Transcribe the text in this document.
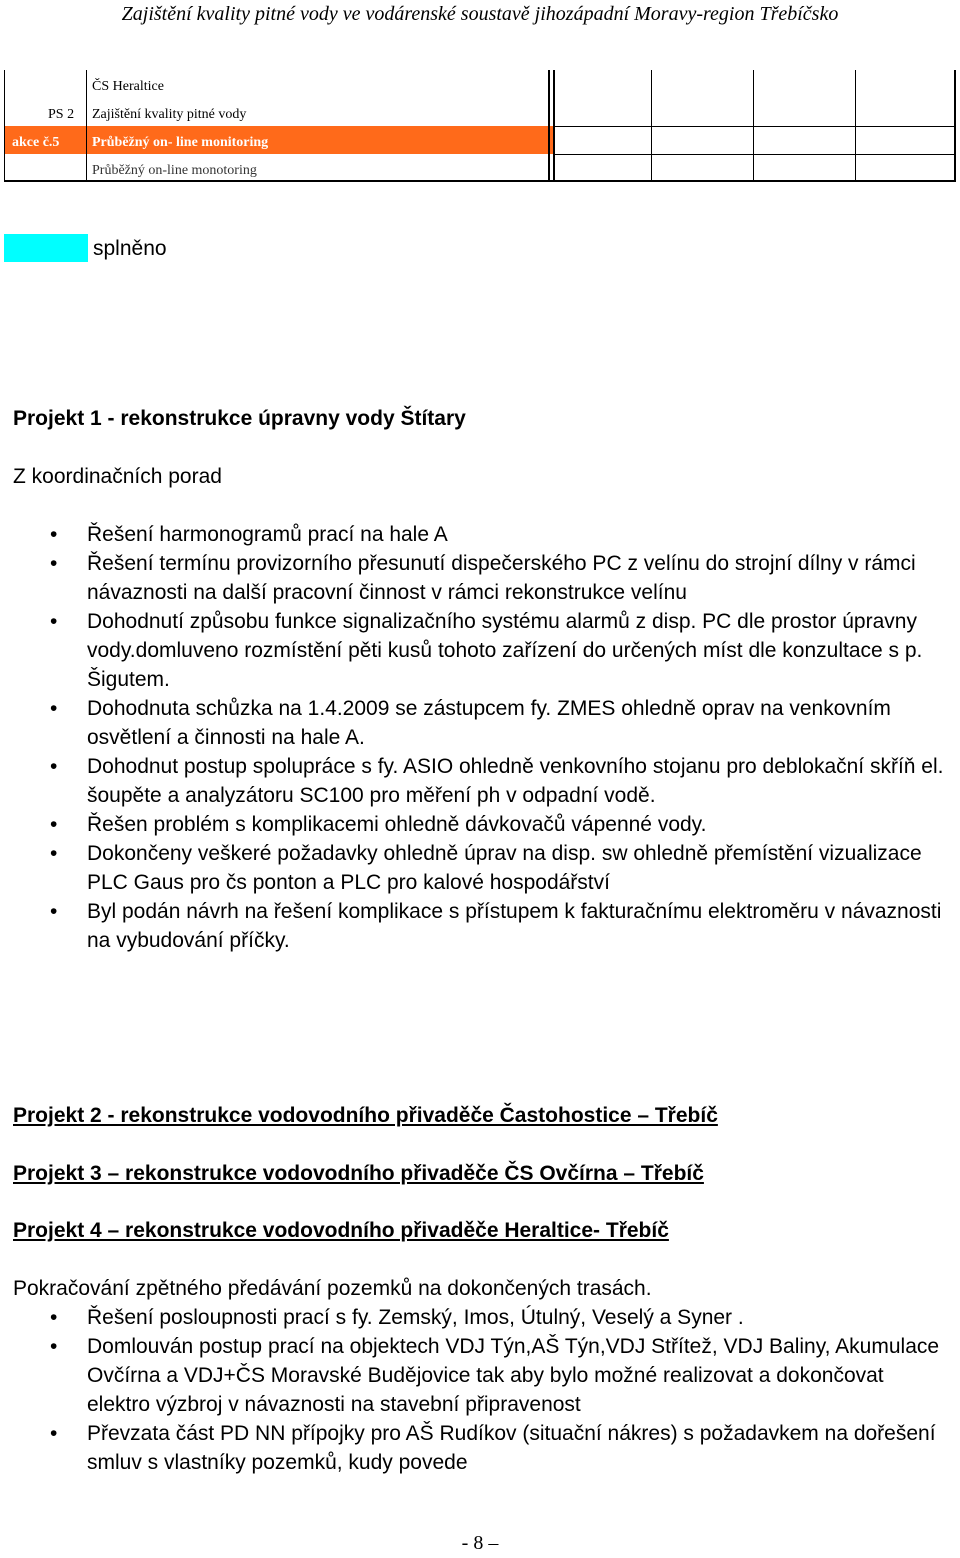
Zajištění kvality pitné vody ve vodárenské soustavě jihozápadní Moravy-region Třebíčsko
ČS Heraltice
PS 2 Zajištění kvality pitné vody
akce č.5 Průběžný on- line monitoring
Průběžný on-line monotoring
splněno
Projekt 1 - rekonstrukce úpravny vody Štítary
Z koordinačních porad
• Řešení harmonogramů prací na hale A
• Řešení termínu provizorního přesunutí dispečerského PC z velínu do strojní dílny v rámci návaznosti na další pracovní činnost v rámci rekonstrukce velínu
• Dohodnutí způsobu funkce signalizačního systému alarmů z disp. PC dle prostor úpravny vody.domluveno rozmístění pěti kusů tohoto zařízení do určených míst dle konzultace s p. Šigutem.
• Dohodnuta schůzka na 1.4.2009 se zástupcem fy. ZMES ohledně oprav na venkovním osvětlení a činnosti na hale A.
• Dohodnut postup spolupráce s fy. ASIO ohledně venkovního stojanu pro deblokační skříň el. šoupěte a analyzátoru SC100 pro měření ph v odpadní vodě.
• Řešen problém s komplikacemi ohledně dávkovačů vápenné vody.
• Dokončeny veškeré požadavky ohledně úprav na disp. sw ohledně přemístění vizualizace PLC Gaus pro čs ponton a PLC pro kalové hospodářství
• Byl podán návrh na řešení komplikace s přístupem k fakturačnímu elektroměru v návaznosti na vybudování příčky.
Projekt 2 - rekonstrukce vodovodního přivaděče Častohostice – Třebíč
Projekt 3 – rekonstrukce vodovodního přivaděče ČS Ovčírna – Třebíč
Projekt 4 – rekonstrukce vodovodního přivaděče Heraltice- Třebíč
Pokračování zpětného předávání pozemků na dokončených trasách.
• Řešení posloupnosti prací s fy. Zemský, Imos, Útulný, Veselý a Syner .
• Domlouván postup prací na objektech VDJ Týn,AŠ Týn,VDJ Střítež, VDJ Baliny, Akumulace Ovčírna a VDJ+ČS Moravské Budějovice tak aby bylo možné realizovat a dokončovat elektro výzbroj v návaznosti na stavební připravenost
• Převzata část PD NN přípojky pro AŠ Rudíkov (situační nákres) s požadavkem na dořešení smluv s vlastníky pozemků, kudy povede
- 8 –
